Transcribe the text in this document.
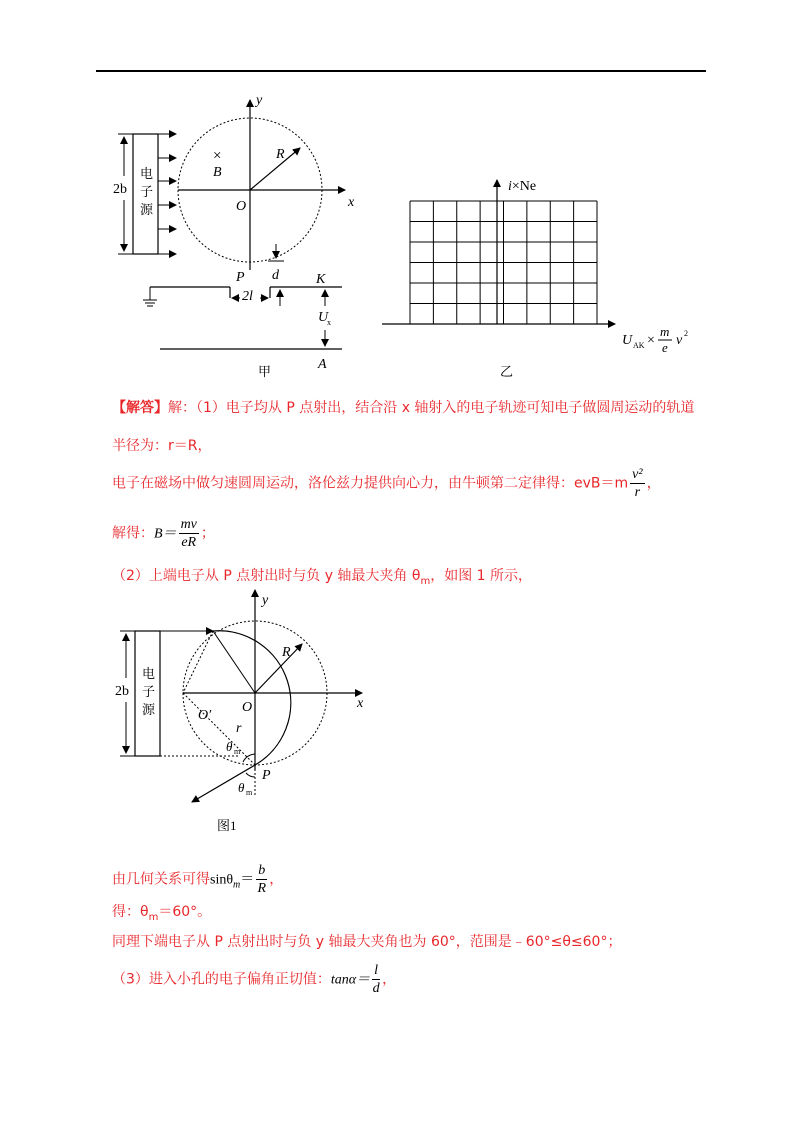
y
x
O
R
×
B
电
子
源
2b
P d
2l
K
U
x
A
甲
i×Ne
U AK ×
m
e v 2
乙
【解答】解：（1）电子均从 P 点射出，结合沿 x 轴射入的电子轨迹可知电子做圆周运动的轨道
半径为：r＝R，
电子在磁场中做匀速圆周运动，洛伦兹力提供向心力，由牛顿第二定律得：$evB=m \frac{\text{v²}}{r}$ ，
解得：$B= \frac{mv}{eR}$ ；
（2）上端电子从 P 点射出时与负 y 轴最大夹角 $\theta_m$，如图 1 所示，
y
x
O
R
O′
r
电
子
源
2b
θ m
θ m
P
图1
由几何关系可得$\sin\theta_m= \frac{b}{R}$ ，
得：$\theta_m=60^\circ$。
同理下端电子从 P 点射出时与负 y 轴最大夹角也为 60°，范围是﹣60°≤θ≤60°；
（3）进入小孔的电子偏角正切值：$\tan\alpha= \frac{l}{d}$ ，
